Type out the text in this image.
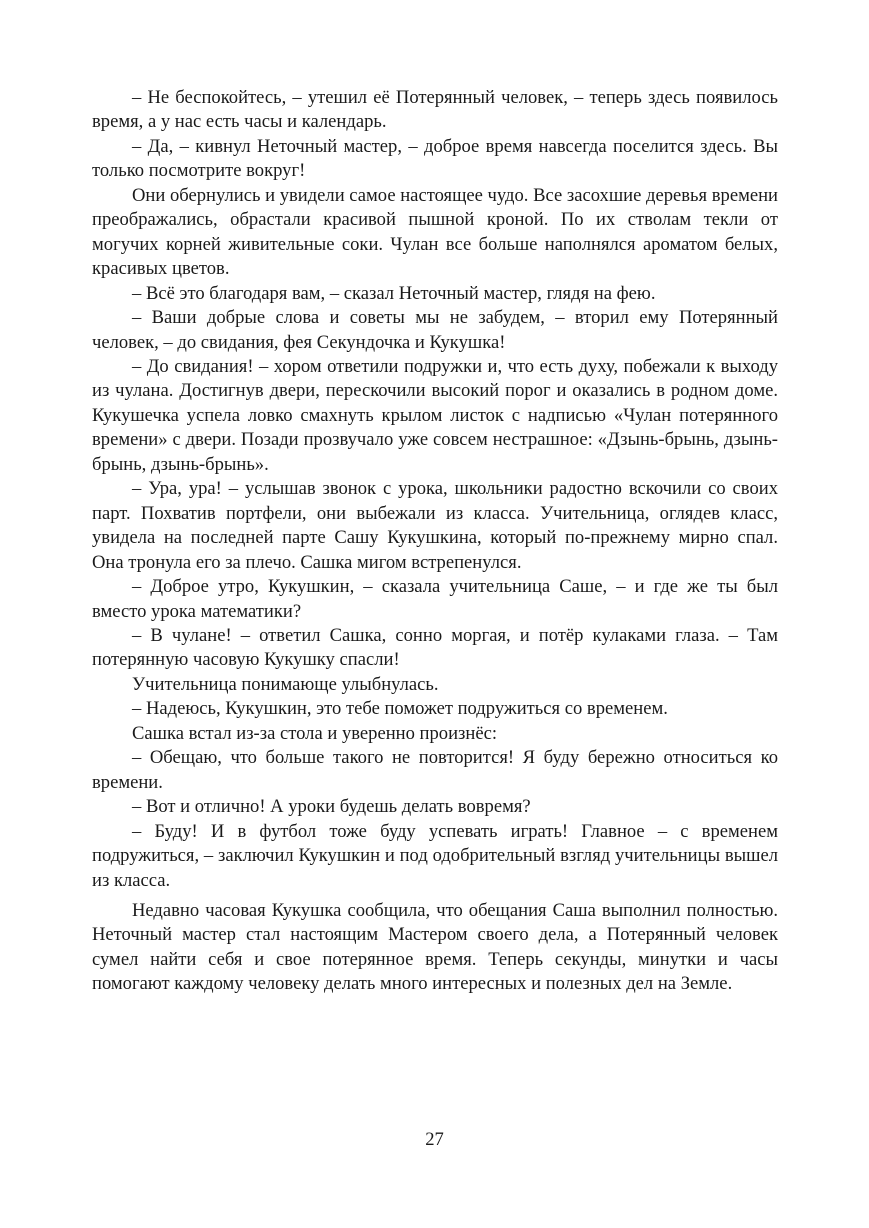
– Не беспокойтесь, – утешил её Потерянный человек, – теперь здесь появилось время, а у нас есть часы и календарь.

– Да, – кивнул Неточный мастер, – доброе время навсегда поселится здесь. Вы только посмотрите вокруг!

Они обернулись и увидели самое настоящее чудо. Все засохшие деревья времени преображались, обрастали красивой пышной кроной. По их стволам текли от могучих корней живительные соки. Чулан все больше наполнялся ароматом белых, красивых цветов.

– Всё это благодаря вам, – сказал Неточный мастер, глядя на фею.

– Ваши добрые слова и советы мы не забудем, – вторил ему Потерянный человек, – до свидания, фея Секундочка и Кукушка!

– До свидания! – хором ответили подружки и, что есть духу, побежали к выходу из чулана. Достигнув двери, перескочили высокий порог и оказались в родном доме. Кукушечка успела ловко смахнуть крылом листок с надписью «Чулан потерянного времени» с двери. Позади прозвучало уже совсем нестрашное: «Дзынь-брынь, дзынь-брынь, дзынь-брынь».

– Ура, ура! – услышав звонок с урока, школьники радостно вскочили со своих парт. Похватив портфели, они выбежали из класса. Учительница, оглядев класс, увидела на последней парте Сашу Кукушкина, который по-прежнему мирно спал. Она тронула его за плечо. Сашка мигом встрепенулся.

– Доброе утро, Кукушкин, – сказала учительница Саше, – и где же ты был вместо урока математики?

– В чулане! – ответил Сашка, сонно моргая, и потёр кулаками глаза. – Там потерянную часовую Кукушку спасли!

Учительница понимающе улыбнулась.

– Надеюсь, Кукушкин, это тебе поможет подружиться со временем.

Сашка встал из-за стола и уверенно произнёс:

– Обещаю, что больше такого не повторится! Я буду бережно относиться ко времени.

– Вот и отлично! А уроки будешь делать вовремя?

– Буду! И в футбол тоже буду успевать играть! Главное – с временем подружиться, – заключил Кукушкин и под одобрительный взгляд учительницы вышел из класса.

Недавно часовая Кукушка сообщила, что обещания Саша выполнил полностью. Неточный мастер стал настоящим Мастером своего дела, а Потерянный человек сумел найти себя и свое потерянное время. Теперь секунды, минутки и часы помогают каждому человеку делать много интересных и полезных дел на Земле.

27
